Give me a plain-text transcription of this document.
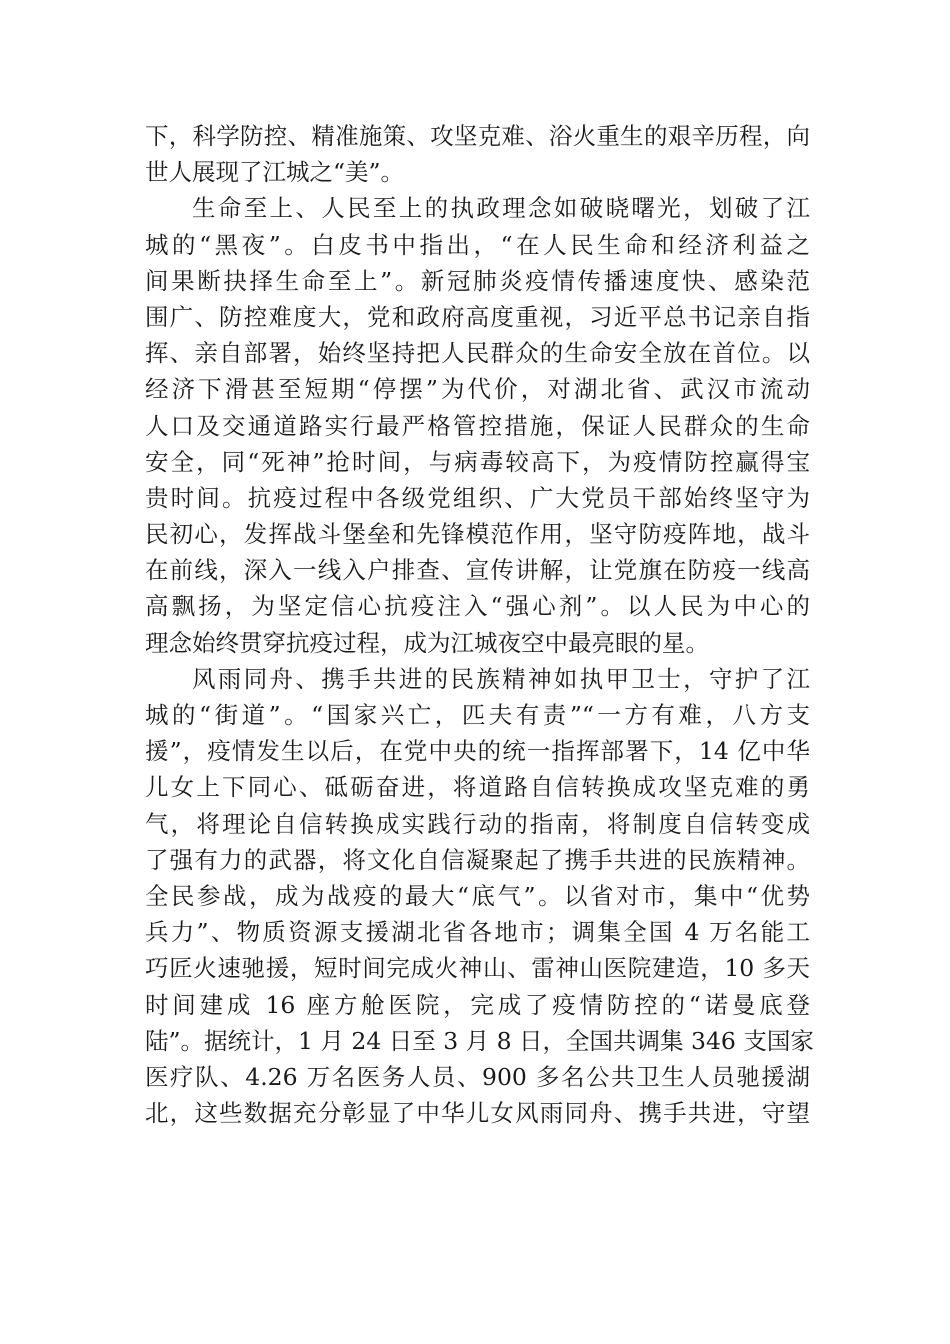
下，科学防控、精准施策、攻坚克难、浴火重生的艰辛历程，向
世人展现了江城之“美”。
生命至上、人民至上的执政理念如破晓曙光，划破了江
城的“黑夜”。白皮书中指出，“在人民生命和经济利益之
间果断抉择生命至上”。新冠肺炎疫情传播速度快、感染范
围广、防控难度大，党和政府高度重视，习近平总书记亲自指
挥、亲自部署，始终坚持把人民群众的生命安全放在首位。以
经济下滑甚至短期“停摆”为代价，对湖北省、武汉市流动
人口及交通道路实行最严格管控措施，保证人民群众的生命
安全，同“死神”抢时间，与病毒较高下，为疫情防控赢得宝
贵时间。抗疫过程中各级党组织、广大党员干部始终坚守为
民初心，发挥战斗堡垒和先锋模范作用，坚守防疫阵地，战斗
在前线，深入一线入户排查、宣传讲解，让党旗在防疫一线高
高飘扬，为坚定信心抗疫注入“强心剂”。以人民为中心的
理念始终贯穿抗疫过程，成为江城夜空中最亮眼的星。
风雨同舟、携手共进的民族精神如执甲卫士，守护了江
城的“街道”。“国家兴亡，匹夫有责”“一方有难，八方支
援”，疫情发生以后，在党中央的统一指挥部署下，14 亿中华
儿女上下同心、砥砺奋进，将道路自信转换成攻坚克难的勇
气，将理论自信转换成实践行动的指南，将制度自信转变成
了强有力的武器，将文化自信凝聚起了携手共进的民族精神。
全民参战，成为战疫的最大“底气”。以省对市，集中“优势
兵力”、物质资源支援湖北省各地市；调集全国 4 万名能工
巧匠火速驰援，短时间完成火神山、雷神山医院建造，10 多天
时间建成 16 座方舱医院，完成了疫情防控的“诺曼底登
陆”。据统计，1 月 24 日至 3 月 8 日，全国共调集 346 支国家
医疗队、4.26 万名医务人员、900 多名公共卫生人员驰援湖
北，这些数据充分彰显了中华儿女风雨同舟、携手共进，守望
